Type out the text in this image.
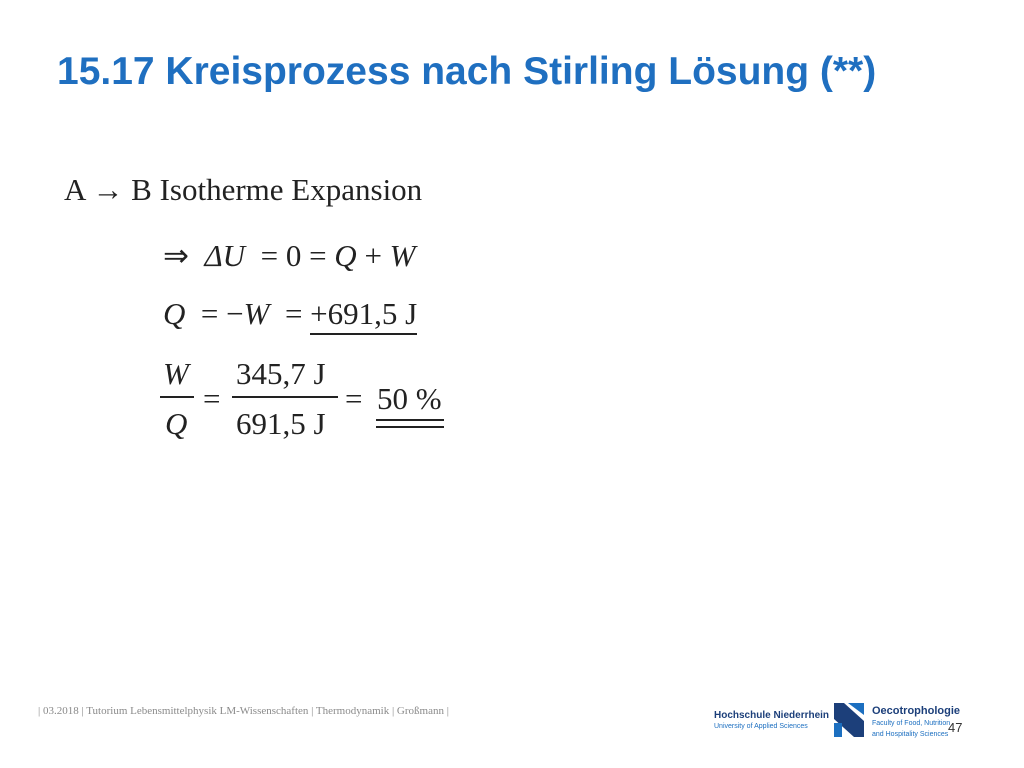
15.17 Kreisprozess nach Stirling Lösung (**)
A → B Isotherme Expansion
⇒ ΔU = 0 = Q + W
Q = −W = +691,5 J
W
Q
=
345,7 J
691,5 J
= 50 %
| 03.2018 | Tutorium Lebensmittelphysik LM-Wissenschaften | Thermodynamik | Großmann |	Hochschule Niederrhein
University of Applied Sciences
Oecotrophologie
Faculty of Food, Nutrition
and Hospitality Sciences 47
